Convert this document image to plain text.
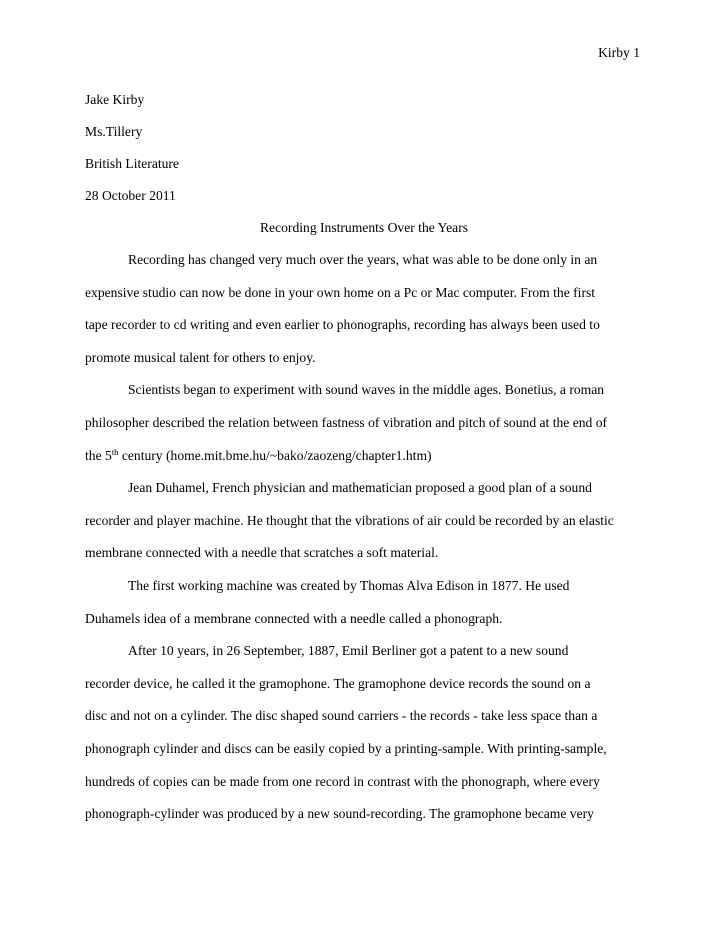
Kirby 1
Jake Kirby
Ms.Tillery
British Literature
28 October 2011
Recording Instruments Over the Years
Recording has changed very much over the years, what was able to be done only in an
expensive studio can now be done in your own home on a Pc or Mac computer. From the first
tape recorder to cd writing and even earlier to phonographs, recording has always been used to
promote musical talent for others to enjoy.
Scientists began to experiment with sound waves in the middle ages. Bonetius, a roman
philosopher described the relation between fastness of vibration and pitch of sound at the end of
the 5th century (home.mit.bme.hu/~bako/zaozeng/chapter1.htm)
Jean Duhamel, French physician and mathematician proposed a good plan of a sound
recorder and player machine. He thought that the vibrations of air could be recorded by an elastic
membrane connected with a needle that scratches a soft material.
The first working machine was created by Thomas Alva Edison in 1877. He used
Duhamels idea of a membrane connected with a needle called a phonograph.
After 10 years, in 26 September, 1887, Emil Berliner got a patent to a new sound
recorder device, he called it the gramophone. The gramophone device records the sound on a
disc and not on a cylinder. The disc shaped sound carriers - the records - take less space than a
phonograph cylinder and discs can be easily copied by a printing-sample. With printing-sample,
hundreds of copies can be made from one record in contrast with the phonograph, where every
phonograph-cylinder was produced by a new sound-recording. The gramophone became very
